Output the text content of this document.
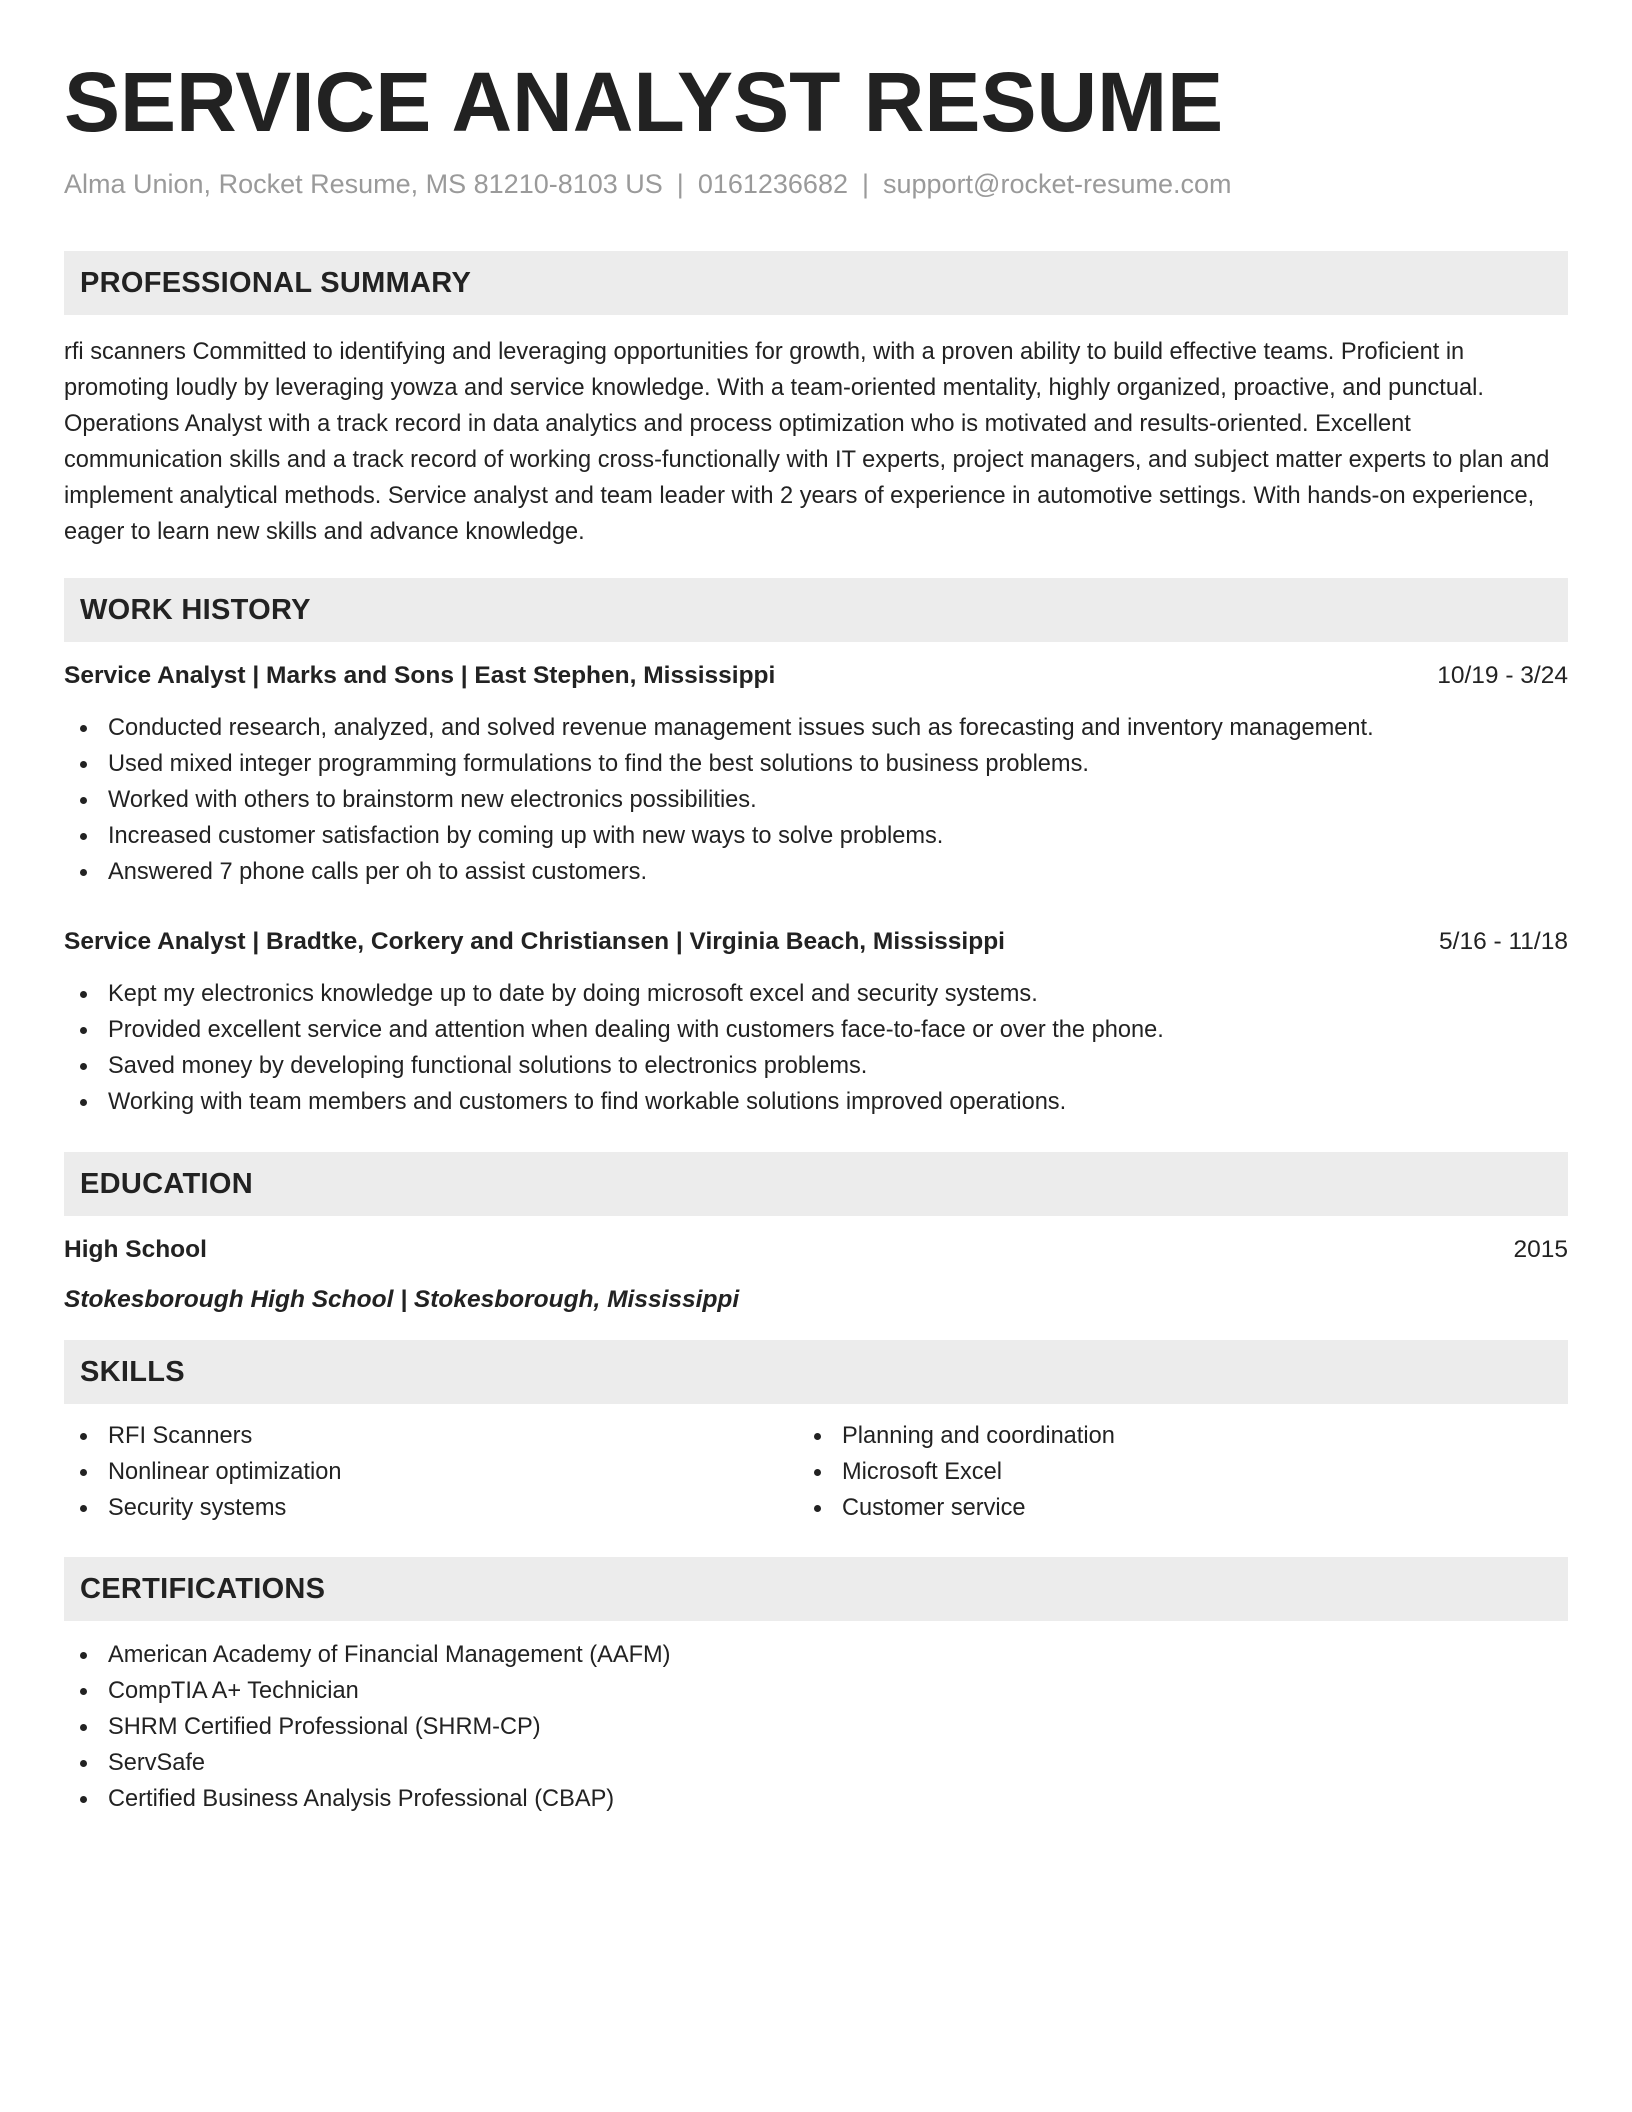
SERVICE ANALYST RESUME
Alma Union, Rocket Resume, MS 81210-8103 US | 0161236682 | support@rocket-resume.com
PROFESSIONAL SUMMARY

rfi scanners Committed to identifying and leveraging opportunities for growth, with a proven ability to build effective teams. Proficient in promoting loudly by leveraging yowza and service knowledge. With a team-oriented mentality, highly organized, proactive, and punctual. Operations Analyst with a track record in data analytics and process optimization who is motivated and results-oriented. Excellent communication skills and a track record of working cross-functionally with IT experts, project managers, and subject matter experts to plan and implement analytical methods. Service analyst and team leader with 2 years of experience in automotive settings. With hands-on experience, eager to learn new skills and advance knowledge.

WORK HISTORY
Service Analyst | Marks and Sons | East Stephen, Mississippi	10/19 - 3/24
Conducted research, analyzed, and solved revenue management issues such as forecasting and inventory management.
Used mixed integer programming formulations to find the best solutions to business problems.
Worked with others to brainstorm new electronics possibilities.
Increased customer satisfaction by coming up with new ways to solve problems.
Answered 7 phone calls per oh to assist customers.
Service Analyst | Bradtke, Corkery and Christiansen | Virginia Beach, Mississippi	5/16 - 11/18
Kept my electronics knowledge up to date by doing microsoft excel and security systems.
Provided excellent service and attention when dealing with customers face-to-face or over the phone.
Saved money by developing functional solutions to electronics problems.
Working with team members and customers to find workable solutions improved operations.
EDUCATION
High School	2015
Stokesborough High School | Stokesborough, Mississippi
SKILLS
RFI Scanners
Nonlinear optimization
Security systems
Planning and coordination
Microsoft Excel
Customer service
CERTIFICATIONS
American Academy of Financial Management (AAFM)
CompTIA A+ Technician
SHRM Certified Professional (SHRM-CP)
ServSafe
Certified Business Analysis Professional (CBAP)
